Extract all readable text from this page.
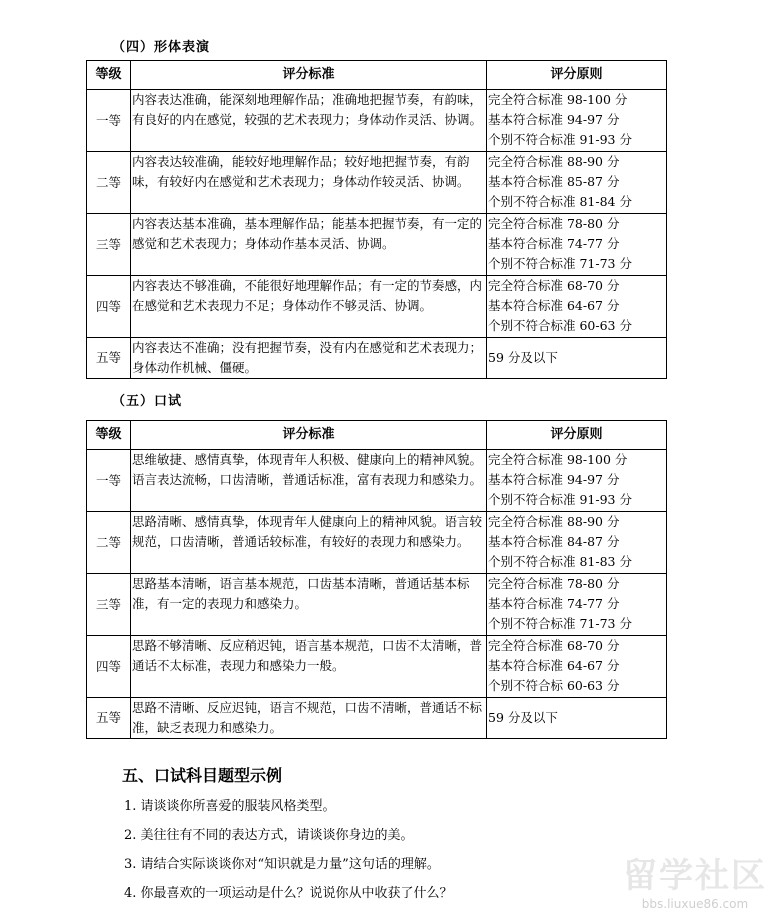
（四）形体表演
等级	评分标准	评分原则
一等	内容表达准确，能深刻地理解作品；准确地把握节奏，有韵味，有良好的内在感觉，较强的艺术表现力；身体动作灵活、协调。	完全符合标准 98-100 分
基本符合标准 94-97 分
个别不符合标准 91-93 分

二等	内容表达较准确，能较好地理解作品；较好地把握节奏，有韵味，有较好内在感觉和艺术表现力；身体动作较灵活、协调。	完全符合标准 88-90 分
基本符合标准 85-87 分
个别不符合标准 81-84 分

三等	内容表达基本准确，基本理解作品；能基本把握节奏，有一定的感觉和艺术表现力；身体动作基本灵活、协调。	完全符合标准 78-80 分
基本符合标准 74-77 分
个别不符合标准 71-73 分

四等	内容表达不够准确，不能很好地理解作品；有一定的节奏感，内在感觉和艺术表现力不足；身体动作不够灵活、协调。	完全符合标准 68-70 分
基本符合标准 64-67 分
个别不符合标准 60-63 分

五等	内容表达不准确；没有把握节奏，没有内在感觉和艺术表现力；身体动作机械、僵硬。	59 分及以下
（五）口试
等级	评分标准	评分原则
一等	思维敏捷、感情真挚，体现青年人积极、健康向上的精神风貌。语言表达流畅，口齿清晰，普通话标准，富有表现力和感染力。	完全符合标准 98-100 分
基本符合标准 94-97 分
个别不符合标准 91-93 分

二等	思路清晰、感情真挚，体现青年人健康向上的精神风貌。语言较规范，口齿清晰，普通话较标准，有较好的表现力和感染力。	完全符合标准 88-90 分
基本符合标准 84-87 分
个别不符合标准 81-83 分

三等	思路基本清晰，语言基本规范，口齿基本清晰，普通话基本标准，有一定的表现力和感染力。	完全符合标准 78-80 分
基本符合标准 74-77 分
个别不符合标准 71-73 分

四等	思路不够清晰、反应稍迟钝，语言基本规范，口齿不太清晰，普通话不太标准，表现力和感染力一般。	完全符合标准 68-70 分
基本符合标准 64-67 分
个别不符合标 60-63 分

五等	思路不清晰、反应迟钝，语言不规范，口齿不清晰，普通话不标准，缺乏表现力和感染力。	59 分及以下
五、口试科目题型示例
1. 请谈谈你所喜爱的服装风格类型。
2. 美往往有不同的表达方式，请谈谈你身边的美。
3. 请结合实际谈谈你对“知识就是力量”这句话的理解。
4. 你最喜欢的一项运动是什么？说说你从中收获了什么？	留学社区
bbs.liuxue86.com
